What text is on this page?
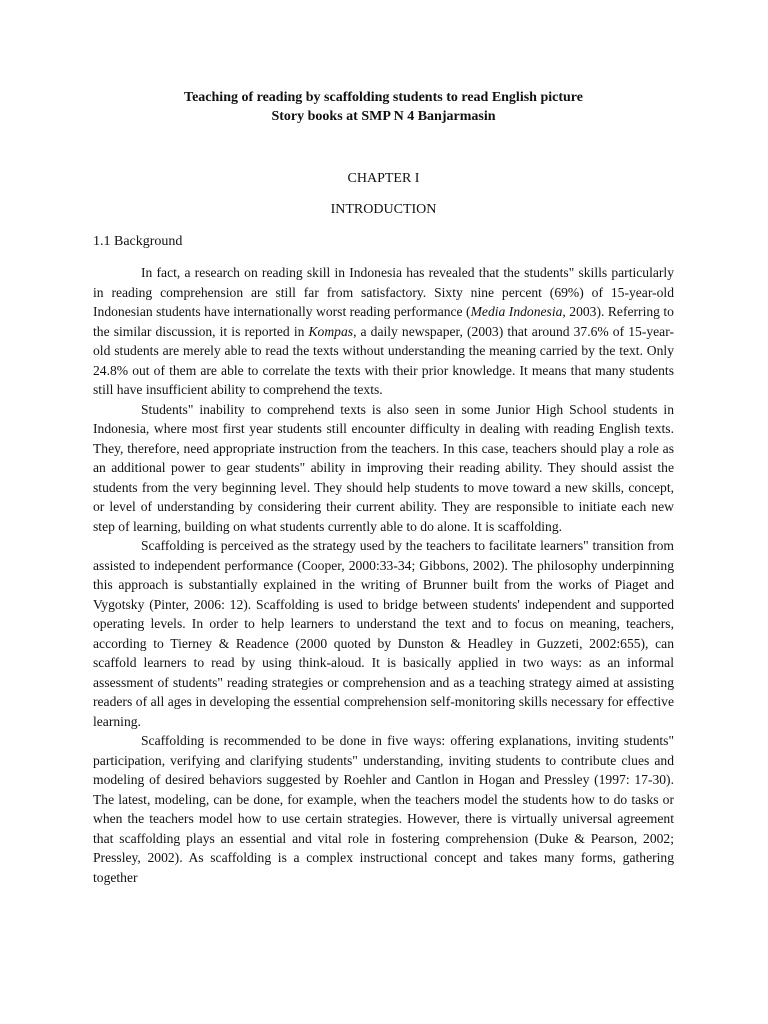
Teaching of reading by scaffolding students to read English picture
Story books at SMP N 4 Banjarmasin
CHAPTER I
INTRODUCTION
1.1 Background

In fact, a research on reading skill in Indonesia has revealed that the students" skills particularly in reading comprehension are still far from satisfactory. Sixty nine percent (69%) of 15-year-old Indonesian students have internationally worst reading performance (Media Indonesia, 2003). Referring to the similar discussion, it is reported in Kompas, a daily newspaper, (2003) that around 37.6% of 15-year-old students are merely able to read the texts without understanding the meaning carried by the text. Only 24.8% out of them are able to correlate the texts with their prior knowledge. It means that many students still have insufficient ability to comprehend the texts.

Students" inability to comprehend texts is also seen in some Junior High School students in Indonesia, where most first year students still encounter difficulty in dealing with reading English texts. They, therefore, need appropriate instruction from the teachers. In this case, teachers should play a role as an additional power to gear students" ability in improving their reading ability. They should assist the students from the very beginning level. They should help students to move toward a new skills, concept, or level of understanding by considering their current ability. They are responsible to initiate each new step of learning, building on what students currently able to do alone. It is scaffolding.

Scaffolding is perceived as the strategy used by the teachers to facilitate learners" transition from assisted to independent performance (Cooper, 2000:33-34; Gibbons, 2002). The philosophy underpinning this approach is substantially explained in the writing of Brunner built from the works of Piaget and Vygotsky (Pinter, 2006: 12). Scaffolding is used to bridge between students' independent and supported operating levels. In order to help learners to understand the text and to focus on meaning, teachers, according to Tierney & Readence (2000 quoted by Dunston & Headley in Guzzeti, 2002:655), can scaffold learners to read by using think-aloud. It is basically applied in two ways: as an informal assessment of students" reading strategies or comprehension and as a teaching strategy aimed at assisting readers of all ages in developing the essential comprehension self-monitoring skills necessary for effective learning.

Scaffolding is recommended to be done in five ways: offering explanations, inviting students" participation, verifying and clarifying students" understanding, inviting students to contribute clues and modeling of desired behaviors suggested by Roehler and Cantlon in Hogan and Pressley (1997: 17-30). The latest, modeling, can be done, for example, when the teachers model the students how to do tasks or when the teachers model how to use certain strategies. However, there is virtually universal agreement that scaffolding plays an essential and vital role in fostering comprehension (Duke & Pearson, 2002; Pressley, 2002). As scaffolding is a complex instructional concept and takes many forms, gathering together
